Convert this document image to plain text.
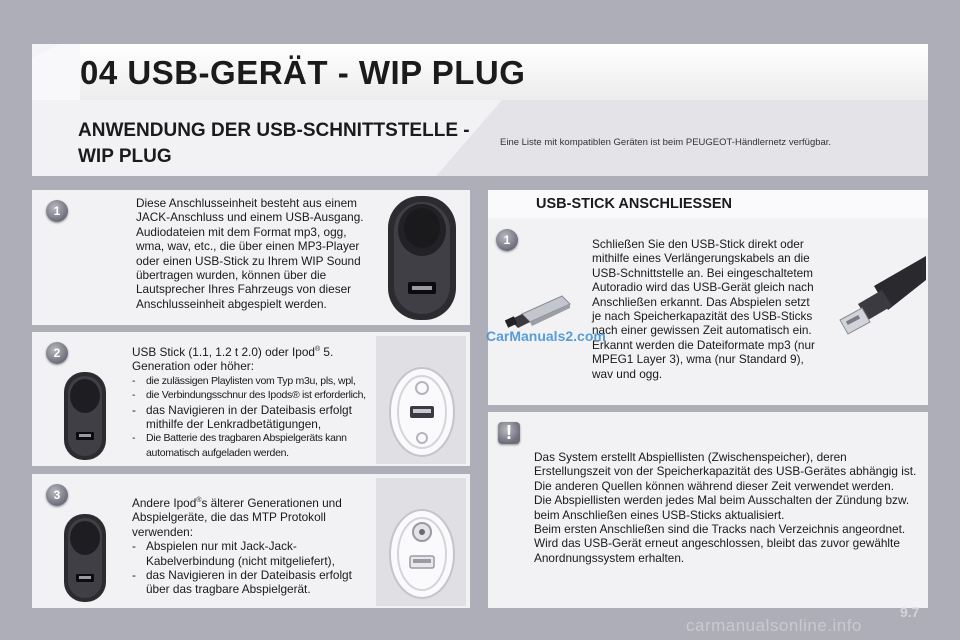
04 USB-GERÄT - WIP PLUG
ANWENDUNG DER USB-SCHNITTSTELLE - WIP PLUG
Eine Liste mit kompatiblen Geräten ist beim PEUGEOT-Händlernetz verfügbar.
1
Diese Anschlusseinheit besteht aus einem JACK-Anschluss und einem USB-Ausgang. Audiodateien mit dem Format mp3, ogg, wma, wav, etc., die über einen MP3-Player oder einen USB-Stick zu Ihrem WIP Sound übertragen wurden, können über die Lautsprecher Ihres Fahrzeugs von dieser Anschlusseinheit abgespielt werden.
2	USB Stick (1.1, 1.2 t 2.0) oder Ipod® 5. Generation oder höher:
- die zulässigen Playlisten vom Typ m3u, pls, wpl,
- die Verbindungsschnur des Ipods® ist erforderlich,
- das Navigieren in der Dateibasis erfolgt mithilfe der Lenkradbetätigungen,
- Die Batterie des tragbaren Abspielgeräts kann automatisch aufgeladen werden.
3
Andere Ipod®s älterer Generationen und Abspielgeräte, die das MTP Protokoll verwenden:
- Abspielen nur mit Jack-Jack-Kabelverbindung (nicht mitgeliefert),
- das Navigieren in der Dateibasis erfolgt über das tragbare Abspielgerät.
USB-STICK ANSCHLIESSEN
1	Schließen Sie den USB-Stick direkt oder mithilfe eines Verlängerungskabels an die USB-Schnittstelle an. Bei eingeschaltetem Autoradio wird das USB-Gerät gleich nach Anschließen erkannt. Das Abspielen setzt je nach Speicherkapazität des USB-Sticks nach einer gewissen Zeit automatisch ein. Erkannt werden die Dateiformate mp3 (nur MPEG1 Layer 3), wma (nur Standard 9), wav und ogg.
!
Das System erstellt Abspiellisten (Zwischenspeicher), deren Erstellungszeit von der Speicherkapazität des USB-Gerätes abhängig ist.
Die anderen Quellen können während dieser Zeit verwendet werden.
Die Abspiellisten werden jedes Mal beim Ausschalten der Zündung bzw. beim Anschließen eines USB-Sticks aktualisiert.
Beim ersten Anschließen sind die Tracks nach Verzeichnis angeordnet. Wird das USB-Gerät erneut angeschlossen, bleibt das zuvor gewählte Anordnungssystem erhalten.
CarManuals2.com
9.7
carmanualsonline.info
